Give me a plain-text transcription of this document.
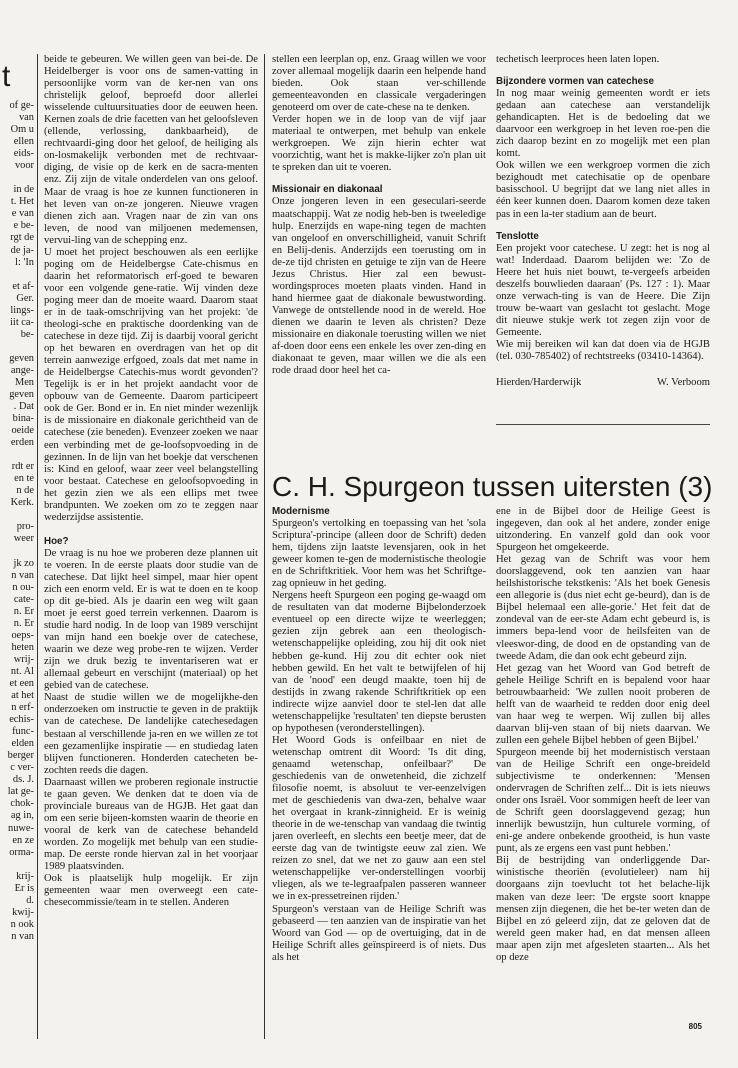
t
of ge-
van
Om u
ellen
eids-
voor
in de
t. Het
e van
e be-
rgt de
de ja-
l: 'In
et af-
Ger.
lings-
iit ca-
be-
geven
ange-
Men
geven
. Dat
bina-
oeide
erden
rdt er
en te
n de
Kerk.
pro-
weer
jk zo
n van
n ou-
cate-
n. Er
n. Er
oeps-
heten
wrij-
nt. Al
et een
at het
n erf-
echis-
func-
elden
berger
c ver-
ds. J.
lat ge-
chok-
ag in,
nuwe-
en ze
orma-
krij-
Er is
d.
kwij-
n ook
n van

beide te gebeuren. We willen geen van bei-de. De Heidelberger is voor ons de samen-vatting in persoonlijke vorm van de ker-nen van ons christelijk geloof, beproefd door allerlei wisselende cultuursituaties door de eeuwen heen. Kernen zoals de drie facetten van het geloofsleven (ellende, verlossing, dankbaarheid), de rechtvaardi-ging door het geloof, de heiliging als on-losmakelijk verbonden met de rechtvaar-diging, de visie op de kerk en de sacra-menten enz. Zij zijn de vitale onderdelen van ons geloof. Maar de vraag is hoe ze kunnen functioneren in het leven van on-ze jongeren. Nieuwe vragen dienen zich aan. Vragen naar de zin van ons leven, de nood van miljoenen medemensen, vervui-ling van de schepping enz.

U moet het project beschouwen als een eerlijke poging om de Heidelbergse Cate-chismus en daarin het reformatorisch erf-goed te bewaren voor een volgende gene-ratie. Wij vinden deze poging meer dan de moeite waard. Daarom staat er in de taak-omschrijving van het projekt: 'de theologi-sche en praktische doordenking van de catechese in deze tijd. Zij is daarbij vooral gericht op het bewaren en overdragen van het op dit terrein aanwezige erfgoed, zoals dat met name in de Heidelbergse Catechis-mus wordt gevonden'? Tegelijk is er in het projekt aandacht voor de opbouw van de Gemeente. Daarom participeert ook de Ger. Bond er in. En niet minder wezenlijk is de missionaire en diakonale gerichtheid van de catechese (zie beneden). Evenzeer zoeken we naar een verbinding met de ge-loofsopvoeding in de gezinnen. In de lijn van het boekje dat verschenen is: Kind en geloof, waar zeer veel belangstelling voor bestaat. Catechese en geloofsopvoeding in het gezin zien we als een ellips met twee brandpunten. We zoeken om zo te zeggen naar wederzijdse assistentie.

Hoe?

De vraag is nu hoe we proberen deze plannen uit te voeren. In de eerste plaats door studie van de catechese. Dat lijkt heel simpel, maar hier opent zich een enorm veld. Er is wat te doen en te koop op dit ge-bied. Als je daarin een weg wilt gaan moet je eerst goed terrein verkennen. Daarom is studie hard nodig. In de loop van 1989 verschijnt van mijn hand een boekje over de catechese, waarin we deze weg probe-ren te wijzen. Verder zijn we druk bezig te inventariseren wat er allemaal gebeurt en verschijnt (materiaal) op het gebied van de catechese.

Naast de studie willen we de mogelijkhe-den onderzoeken om instructie te geven in de praktijk van de catechese. De landelijke catechesedagen bestaan al verschillende ja-ren en we willen ze tot een gezamenlijke inspiratie — en studiedag laten blijven functioneren. Honderden catecheten be-zochten reeds die dagen.

Daarnaast willen we proberen regionale instructie te gaan geven. We denken dat te doen via de provinciale bureaus van de HGJB. Het gaat dan om een serie bijeen-komsten waarin de theorie en vooral de kerk van de catechese behandeld worden. Zo mogelijk met behulp van een studie-map. De eerste ronde hiervan zal in het voorjaar 1989 plaatsvinden.

Ook is plaatselijk hulp mogelijk. Er zijn gemeenten waar men overweegt een cate-chesecommissie/team in te stellen. Anderen

stellen een leerplan op, enz. Graag willen we voor zover allemaal mogelijk daarin een helpende hand bieden. Ook staan ver-schillende gemeenteavonden en classicale vergaderingen genoteerd om over de cate-chese na te denken.

Verder hopen we in de loop van de vijf jaar materiaal te ontwerpen, met behulp van enkele werkgroepen. We zijn hierin echter wat voorzichtig, want het is makke-lijker zo'n plan uit te spreken dan uit te voeren.

Missionair en diakonaal

Onze jongeren leven in een geseculari-seerde maatschappij. Wat ze nodig heb-ben is tweeledige hulp. Enerzijds en wape-ning tegen de machten van ongeloof en onverschilligheid, vanuit Schrift en Belij-denis. Anderzijds een toerusting om in de-ze tijd christen en getuige te zijn van de Heere Jezus Christus. Hier zal een bewust-wordingsproces moeten plaats vinden. Hand in hand hiermee gaat de diakonale bewustwording. Vanwege de ontstellende nood in de wereld. Hoe dienen we daarin te leven als christen? Deze missionaire en diakonale toerusting willen we niet af-doen door eens een enkele les over zen-ding en diakonaat te geven, maar willen we die als een rode draad door heel het ca-

techetisch leerproces heen laten lopen.

Bijzondere vormen van catechese

In nog maar weinig gemeenten wordt er iets gedaan aan catechese aan verstandelijk gehandicapten. Het is de bedoeling dat we daarvoor een werkgroep in het leven roe-pen die zich daarop bezint en zo mogelijk met een plan komt.

Ook willen we een werkgroep vormen die zich bezighoudt met catechisatie op de openbare basisschool. U begrijpt dat we lang niet alles in één keer kunnen doen. Daarom komen deze taken pas in een la-ter stadium aan de beurt.

Tenslotte

Een projekt voor catechese. U zegt: het is nog al wat! Inderdaad. Daarom belijden we: 'Zo de Heere het huis niet bouwt, te-vergeefs arbeiden deszelfs bouwlieden daaraan' (Ps. 127 : 1). Maar onze verwach-ting is van de Heere. Die Zijn trouw be-waart van geslacht tot geslacht. Moge dit nieuwe stukje werk tot zegen zijn voor de Gemeente.

Wie mij bereiken wil kan dat doen via de HGJB (tel. 030-785402) of rechtstreeks (03410-14364).

Hierden/Harderwijk	W. Verboom
C. H. Spurgeon tussen uitersten (3)
Modernisme

Spurgeon's vertolking en toepassing van het 'sola Scriptura'-principe (alleen door de Schrift) deden hem, tijdens zijn laatste levensjaren, ook in het geweer komen te-gen de modernistische theologie en de Schriftkritiek. Voor hem was het Schriftge-zag opnieuw in het geding.

Nergens heeft Spurgeon een poging ge-waagd om de resultaten van dat moderne Bijbelonderzoek eventueel op een directe wijze te weerleggen; gezien zijn gebrek aan een theologisch-wetenschappelijke opleiding, zou hij dit ook niet hebben ge-kund. Hij zou dit echter ook niet hebben gewild. En het valt te betwijfelen of hij van de 'nood' een deugd maakte, toen hij de destijds in zwang rakende Schriftkritiek op een indirecte wijze aanviel door te stel-len dat alle wetenschappelijke 'resultaten' ten diepste berusten op hypothesen (veronderstellingen).

Het Woord Gods is onfeilbaar en niet de wetenschap omtrent dit Woord: 'Is dit ding, genaamd wetenschap, onfeilbaar?' De geschiedenis van de onwetenheid, die zichzelf filosofie noemt, is absoluut te ver-eenzelvigen met de geschiedenis van dwa-zen, behalve waar het overgaat in krank-zinnigheid. Er is weinig theorie in de we-tenschap van vandaag die twintig jaren overleeft, en slechts een beetje meer, dat de eerste dag van de twintigste eeuw zal zien. We reizen zo snel, dat we net zo gauw aan een stel wetenschappelijke ver-onderstellingen voorbij vliegen, als we te-legraafpalen passeren wanneer we in ex-pressetreinen rijden.'

Spurgeon's verstaan van de Heilige Schrift was gebaseerd — ten aanzien van de inspiratie van het Woord van God — op de overtuiging, dat in de Heilige Schrift alles geïnspireerd is of niets. Dus als het

ene in de Bijbel door de Heilige Geest is ingegeven, dan ook al het andere, zonder enige uitzondering. En vanzelf gold dan ook voor Spurgeon het omgekeerde.

Het gezag van de Schrift was voor hem doorslaggevend, ook ten aanzien van haar heilshistorische tekstkenis: 'Als het boek Genesis een allegorie is (dus niet echt ge-beurd), dan is de Bijbel helemaal een alle-gorie.' Het feit dat de zondeval van de eer-ste Adam echt gebeurd is, is immers bepa-lend voor de heilsfeiten van de vleeswor-ding, de dood en de opstanding van de tweede Adam, die dan ook echt gebeurd zijn.

Het gezag van het Woord van God betreft de gehele Heilige Schrift en is bepalend voor haar betrouwbaarheid: 'We zullen nooit proberen de helft van de waarheid te redden door enig deel van haar weg te werpen. Wij zullen bij alles daarvan blij-ven staan of bij niets daarvan. We zullen een gehele Bijbel hebben of geen Bijbel.'

Spurgeon meende bij het modernistisch verstaan van de Heilige Schrift een onge-breideld subjectivisme te onderkennen: 'Mensen ondervragen de Schriften zelf... Dit is iets nieuws onder ons Israël. Voor sommigen heeft de leer van de Schrift geen doorslaggevend gezag; hun innerlijk bewustzijn, hun culturele vorming, of eni-ge andere onbekende grootheid, is hun vaste punt, als ze ergens een vast punt hebben.'

Bij de bestrijding van onderliggende Dar-winistische theoriën (evolutieleer) nam hij doorgaans zijn toevlucht tot het belache-lijk maken van deze leer: 'De ergste soort knappe mensen zijn diegenen, die het be-ter weten dan de Bijbel en zó geleerd zijn, dat ze geloven dat de wereld geen maker had, en dat mensen alleen maar apen zijn met afgesleten staarten... Als het op deze

805
